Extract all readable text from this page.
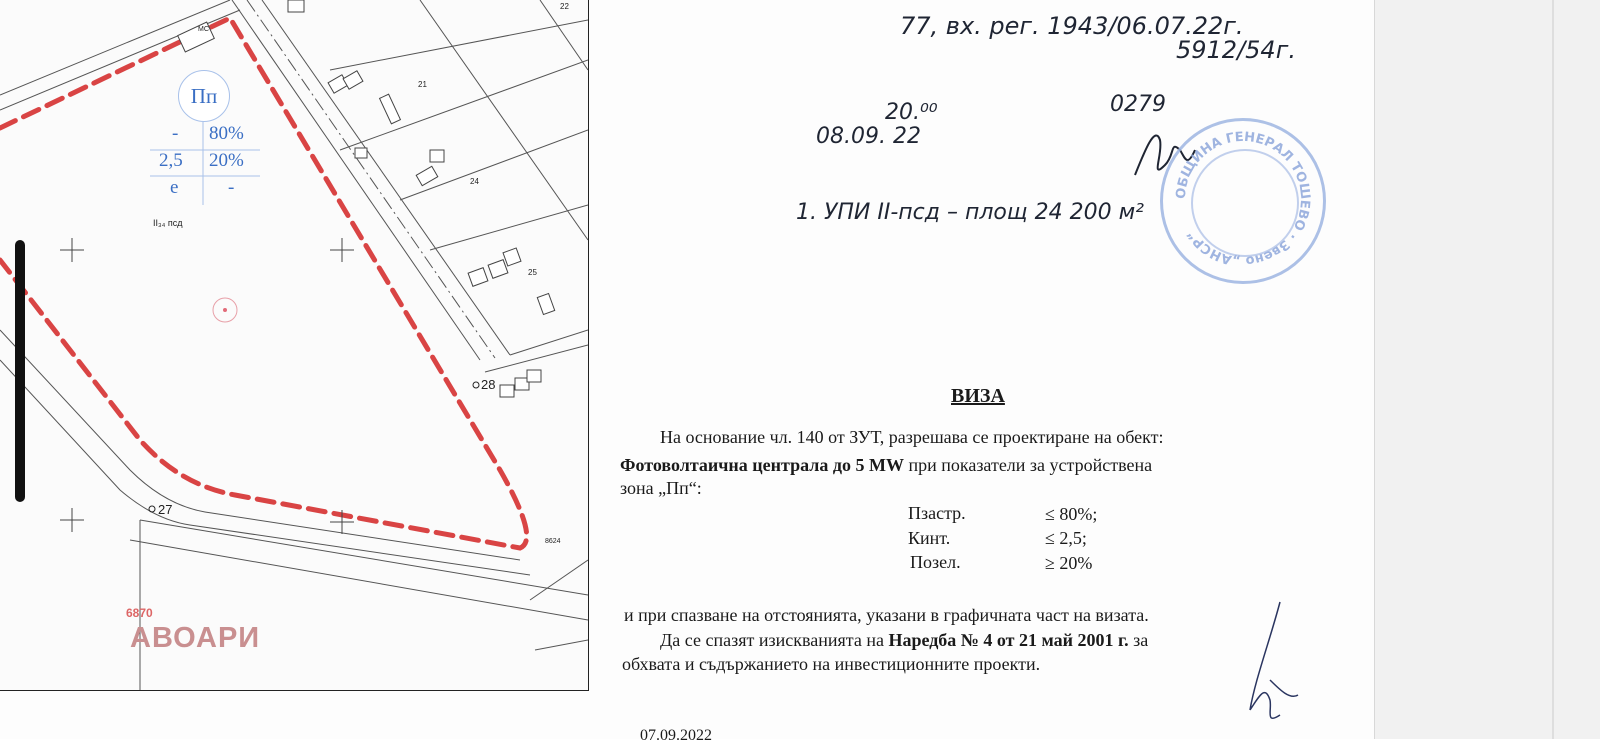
Пп
- 80%
2,5 20%
е	-
II₃₄ псд
21
22
24
25
28
27
6870
МС
8624
АВОАРИ
77, вх. рег. 1943/06.07.22г.
5912/54г.
20.⁰⁰	0279
08.09. 22
1. УПИ II-псд – площ 24 200 м²
ОБЩИНА ГЕНЕРАЛ ТОШЕВО · Звено „АНСР“
ВИЗА
На основание чл. 140 от ЗУТ, разрешава се проектиране на обект:
Фотоволтаична централа до 5 MW при показатели за устройствена
зона „Пп“:
Пзастр.	≤ 80%;
Кинт.	≤ 2,5;
Позел.	≥ 20%
и при спазване на отстоянията, указани в графичната част на визата.
Да се спазят изискванията на Наредба № 4 от 21 май 2001 г. за
обхвата и съдържанието на инвестиционните проекти.
07.09.2022
